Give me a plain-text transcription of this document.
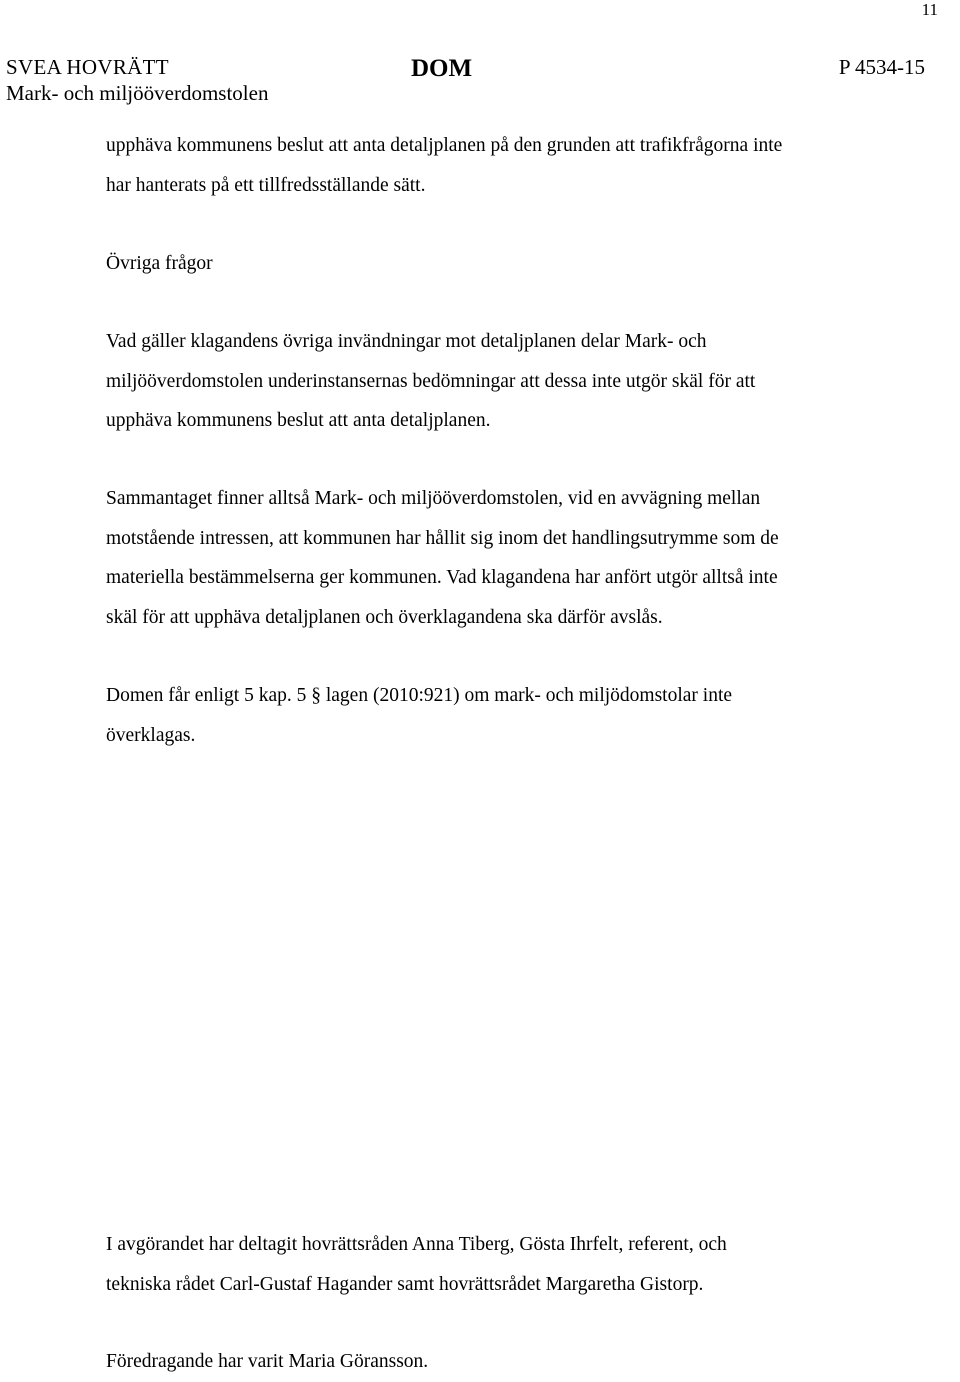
11
SVEA HOVRÄTT
Mark- och miljööverdomstolen
DOM	P 4534-15

upphäva kommunens beslut att anta detaljplanen på den grunden att trafikfrågorna inte
har hanterats på ett tillfredsställande sätt.

Övriga frågor

Vad gäller klagandens övriga invändningar mot detaljplanen delar Mark- och
miljööverdomstolen underinstansernas bedömningar att dessa inte utgör skäl för att
upphäva kommunens beslut att anta detaljplanen.

Sammantaget finner alltså Mark- och miljööverdomstolen, vid en avvägning mellan
motstående intressen, att kommunen har hållit sig inom det handlingsutrymme som de
materiella bestämmelserna ger kommunen. Vad klagandena har anfört utgör alltså inte
skäl för att upphäva detaljplanen och överklagandena ska därför avslås.

Domen får enligt 5 kap. 5 § lagen (2010:921) om mark- och miljödomstolar inte
överklagas.

I avgörandet har deltagit hovrättsråden Anna Tiberg, Gösta Ihrfelt, referent, och
tekniska rådet Carl-Gustaf Hagander samt hovrättsrådet Margaretha Gistorp.

Föredragande har varit Maria Göransson.
